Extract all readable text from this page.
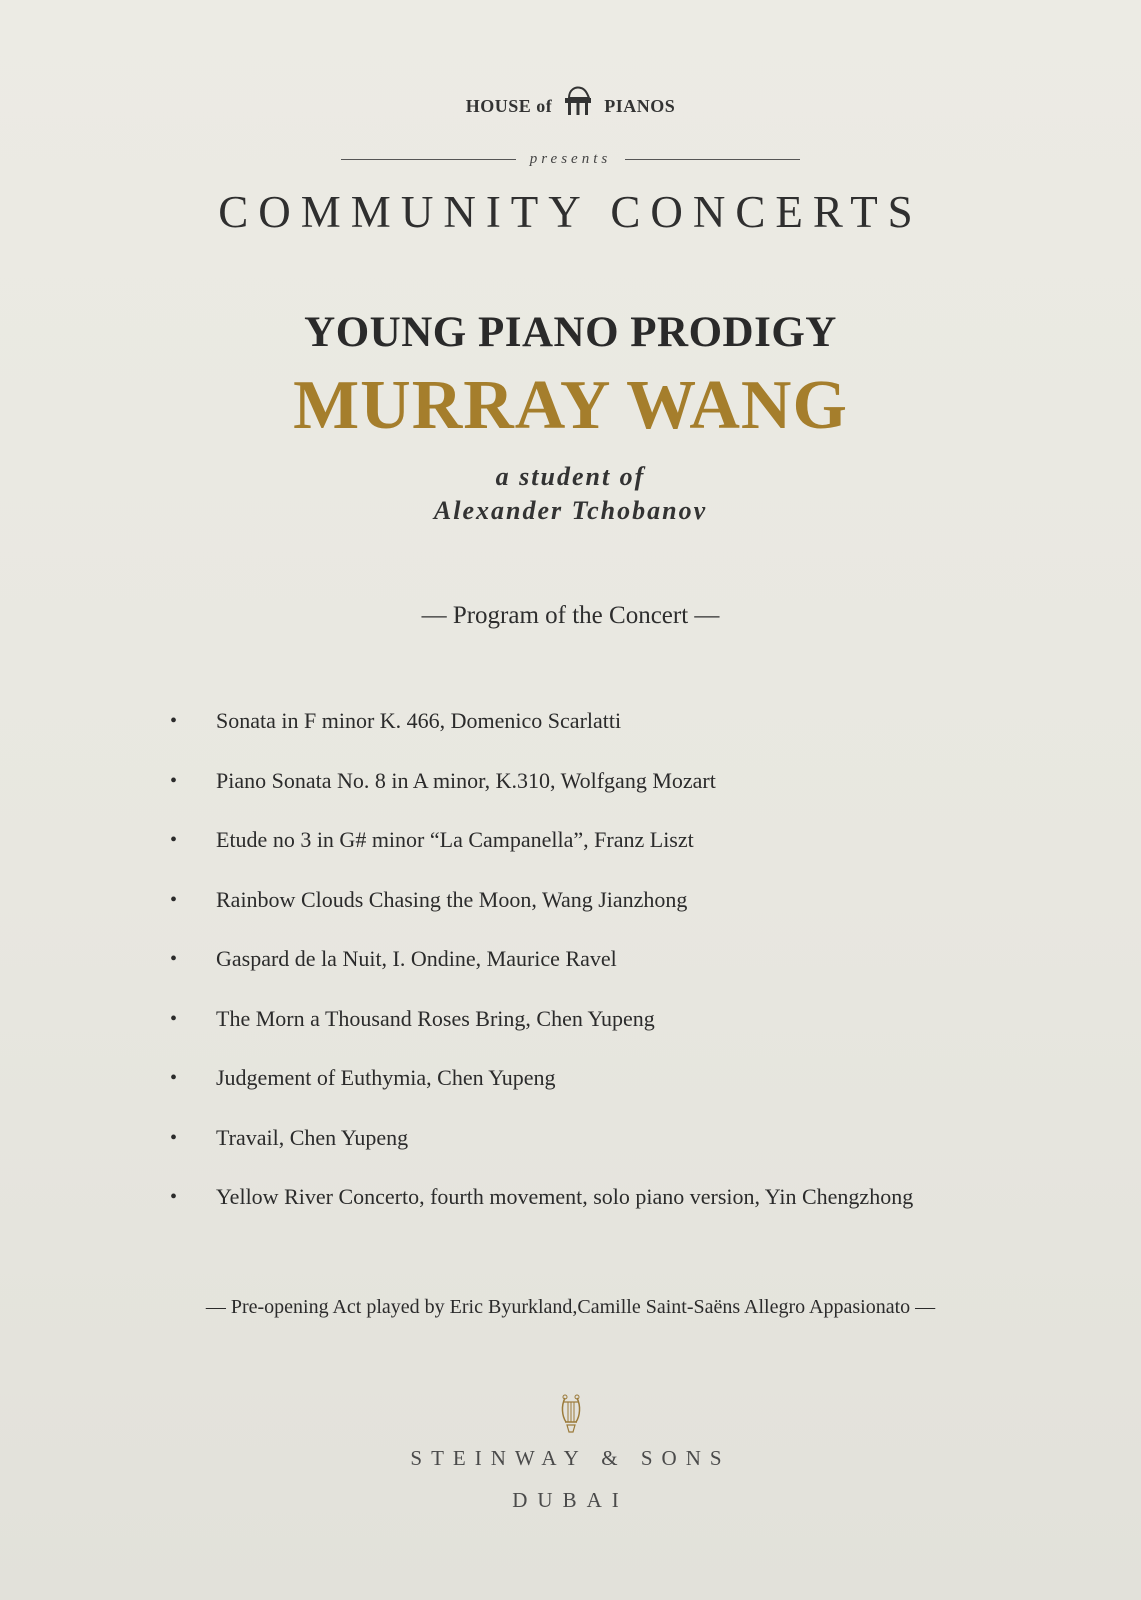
HOUSE of	PIANOS
presents
COMMUNITY CONCERTS
YOUNG PIANO PRODIGY
MURRAY WANG
a student of
Alexander Tchobanov
— Program of the Concert —
• Sonata in F minor K. 466, Domenico Scarlatti
• Piano Sonata No. 8 in A minor, K.310, Wolfgang Mozart
• Etude no 3 in G# minor “La Campanella”, Franz Liszt
• Rainbow Clouds Chasing the Moon, Wang Jianzhong
• Gaspard de la Nuit, I. Ondine, Maurice Ravel
• The Morn a Thousand Roses Bring, Chen Yupeng
• Judgement of Euthymia, Chen Yupeng
• Travail, Chen Yupeng
• Yellow River Concerto, fourth movement, solo piano version, Yin Chengzhong
— Pre-opening Act played by Eric Byurkland,Camille Saint-Saëns Allegro Appasionato —
STEINWAY & SONS
DUBAI
